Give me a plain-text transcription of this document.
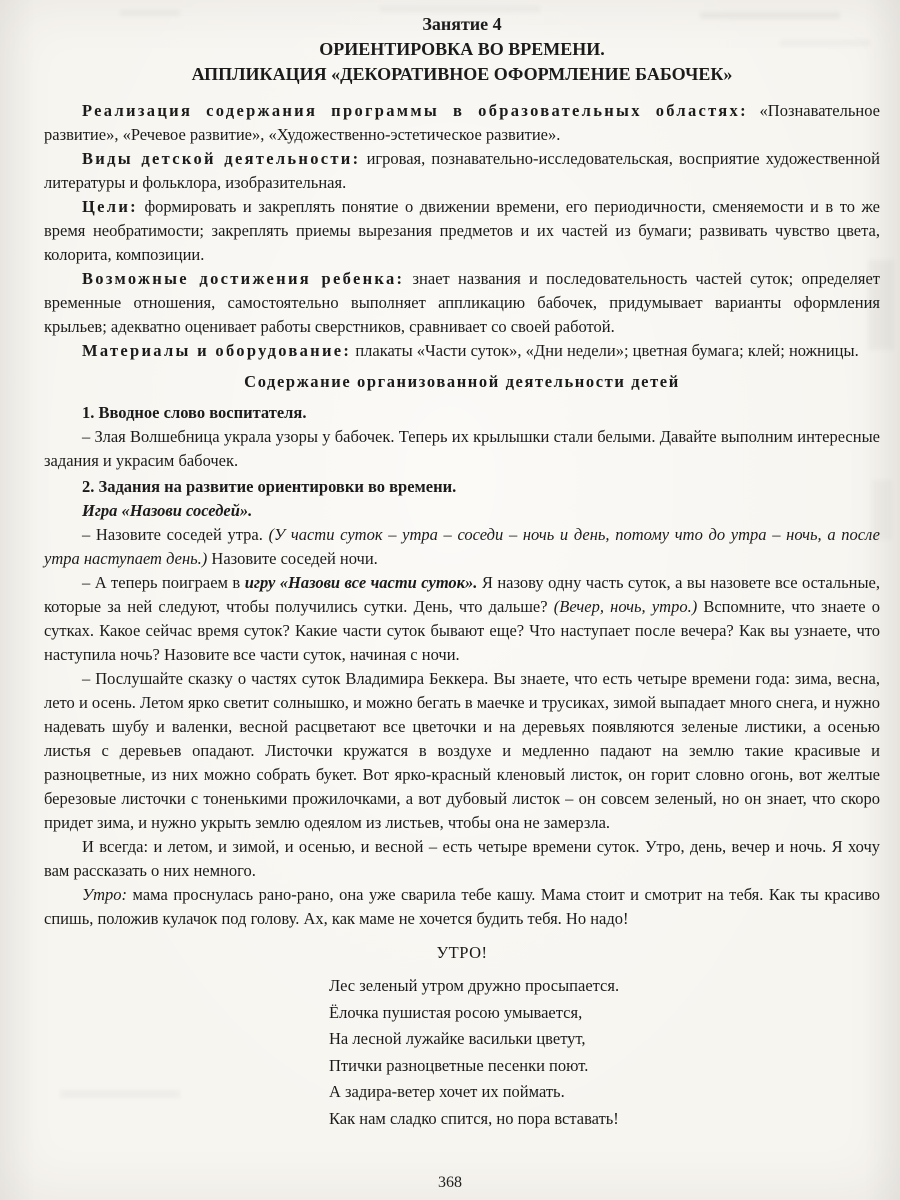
Занятие 4
ОРИЕНТИРОВКА ВО ВРЕМЕНИ.
АППЛИКАЦИЯ «ДЕКОРАТИВНОЕ ОФОРМЛЕНИЕ БАБОЧЕК»

Реализация содержания программы в образовательных областях: «Познавательное развитие», «Речевое развитие», «Художественно-эстетическое развитие».

Виды детской деятельности: игровая, познавательно-исследовательская, восприятие художественной литературы и фольклора, изобразительная.

Цели: формировать и закреплять понятие о движении времени, его периодичности, сменяемости и в то же время необратимости; закреплять приемы вырезания предметов и их частей из бумаги; развивать чувство цвета, колорита, композиции.

Возможные достижения ребенка: знает названия и последовательность частей суток; определяет временные отношения, самостоятельно выполняет аппликацию бабочек, придумывает варианты оформления крыльев; адекватно оценивает работы сверстников, сравнивает со своей работой.

Материалы и оборудование: плакаты «Части суток», «Дни недели»; цветная бумага; клей; ножницы.

Содержание организованной деятельности детей

1. Вводное слово воспитателя.

– Злая Волшебница украла узоры у бабочек. Теперь их крылышки стали белыми. Давайте выполним интересные задания и украсим бабочек.

2. Задания на развитие ориентировки во времени.

Игра «Назови соседей».

– Назовите соседей утра. (У части суток – утра – соседи – ночь и день, потому что до утра – ночь, а после утра наступает день.) Назовите соседей ночи.

– А теперь поиграем в игру «Назови все части суток». Я назову одну часть суток, а вы назовете все остальные, которые за ней следуют, чтобы получились сутки. День, что дальше? (Вечер, ночь, утро.) Вспомните, что знаете о сутках. Какое сейчас время суток? Какие части суток бывают еще? Что наступает после вечера? Как вы узнаете, что наступила ночь? Назовите все части суток, начиная с ночи.

– Послушайте сказку о частях суток Владимира Беккера. Вы знаете, что есть четыре времени года: зима, весна, лето и осень. Летом ярко светит солнышко, и можно бегать в маечке и трусиках, зимой выпадает много снега, и нужно надевать шубу и валенки, весной расцветают все цветочки и на деревьях появляются зеленые листики, а осенью листья с деревьев опадают. Листочки кружатся в воздухе и медленно падают на землю такие красивые и разноцветные, из них можно собрать букет. Вот ярко-красный кленовый листок, он горит словно огонь, вот желтые березовые листочки с тоненькими прожилочками, а вот дубовый листок – он совсем зеленый, но он знает, что скоро придет зима, и нужно укрыть землю одеялом из листьев, чтобы она не замерзла.

И всегда: и летом, и зимой, и осенью, и весной – есть четыре времени суток. Утро, день, вечер и ночь. Я хочу вам рассказать о них немного.

Утро: мама проснулась рано-рано, она уже сварила тебе кашу. Мама стоит и смотрит на тебя. Как ты красиво спишь, положив кулачок под голову. Ах, как маме не хочется будить тебя. Но надо!

УТРО!
Лес зеленый утром дружно просыпается.
Ёлочка пушистая росою умывается,
На лесной лужайке васильки цветут,
Птички разноцветные песенки поют.
А задира-ветер хочет их поймать.
Как нам сладко спится, но пора вставать!
368
